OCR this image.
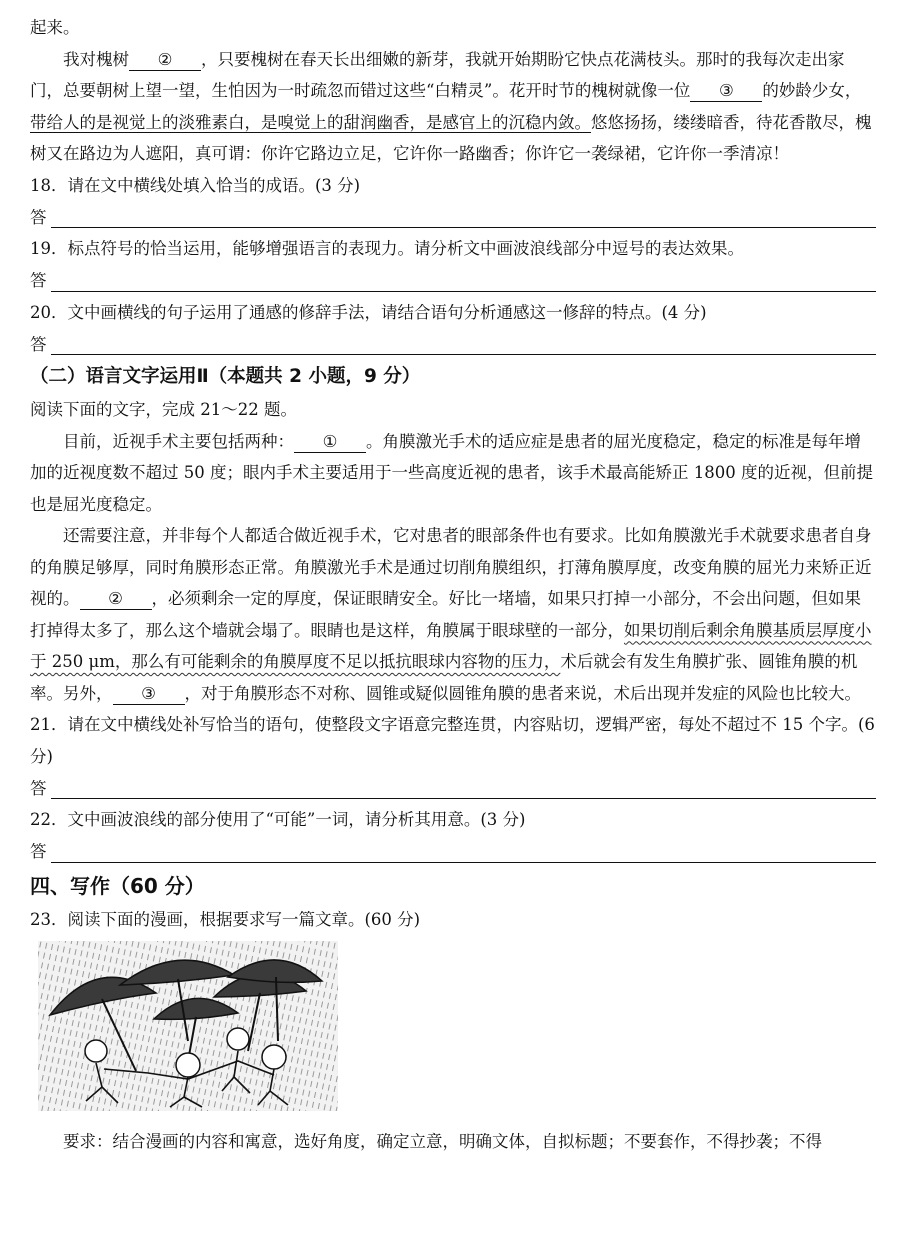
起来。

我对槐树 ② ，只要槐树在春天长出细嫩的新芽，我就开始期盼它快点花满枝头。那时的我每次走出家门，总要朝树上望一望，生怕因为一时疏忽而错过这些“白精灵”。花开时节的槐树就像一位 ③ 的妙龄少女，带给人的是视觉上的淡雅素白，是嗅觉上的甜润幽香，是感官上的沉稳内敛。悠悠扬扬，缕缕暗香，待花香散尽，槐树又在路边为人遮阳，真可谓：你许它路边立足，它许你一路幽香；你许它一袭绿裙，它许你一季清凉！

18．请在文中横线处填入恰当的成语。(3 分)

答

19．标点符号的恰当运用，能够增强语言的表现力。请分析文中画波浪线部分中逗号的表达效果。

答

20．文中画横线的句子运用了通感的修辞手法，请结合语句分析通感这一修辞的特点。(4 分)

答

（二）语言文字运用Ⅱ（本题共 2 小题，9 分）

阅读下面的文字，完成 21～22 题。

目前，近视手术主要包括两种： ① 。角膜激光手术的适应症是患者的屈光度稳定，稳定的标准是每年增加的近视度数不超过 50 度；眼内手术主要适用于一些高度近视的患者，该手术最高能矫正 1800 度的近视，但前提也是屈光度稳定。

还需要注意，并非每个人都适合做近视手术，它对患者的眼部条件也有要求。比如角膜激光手术就要求患者自身的角膜足够厚，同时角膜形态正常。角膜激光手术是通过切削角膜组织，打薄角膜厚度，改变角膜的屈光力来矫正近视的。 ② ，必须剩余一定的厚度，保证眼睛安全。好比一堵墙，如果只打掉一小部分，不会出问题，但如果打掉得太多了，那么这个墙就会塌了。眼睛也是这样，角膜属于眼球壁的一部分，如果切削后剩余角膜基质层厚度小于 250 μm，那么有可能剩余的角膜厚度不足以抵抗眼球内容物的压力，术后就会有发生角膜扩张、圆锥角膜的机率。另外， ③ ，对于角膜形态不对称、圆锥或疑似圆锥角膜的患者来说，术后出现并发症的风险也比较大。

21．请在文中横线处补写恰当的语句，使整段文字语意完整连贯，内容贴切，逻辑严密，每处不超过不 15 个字。(6 分)

答

22．文中画波浪线的部分使用了“可能”一词，请分析其用意。(3 分)

答

四、写作（60 分）

23．阅读下面的漫画，根据要求写一篇文章。(60 分)

要求：结合漫画的内容和寓意，选好角度，确定立意，明确文体，自拟标题；不要套作，不得抄袭；不得
